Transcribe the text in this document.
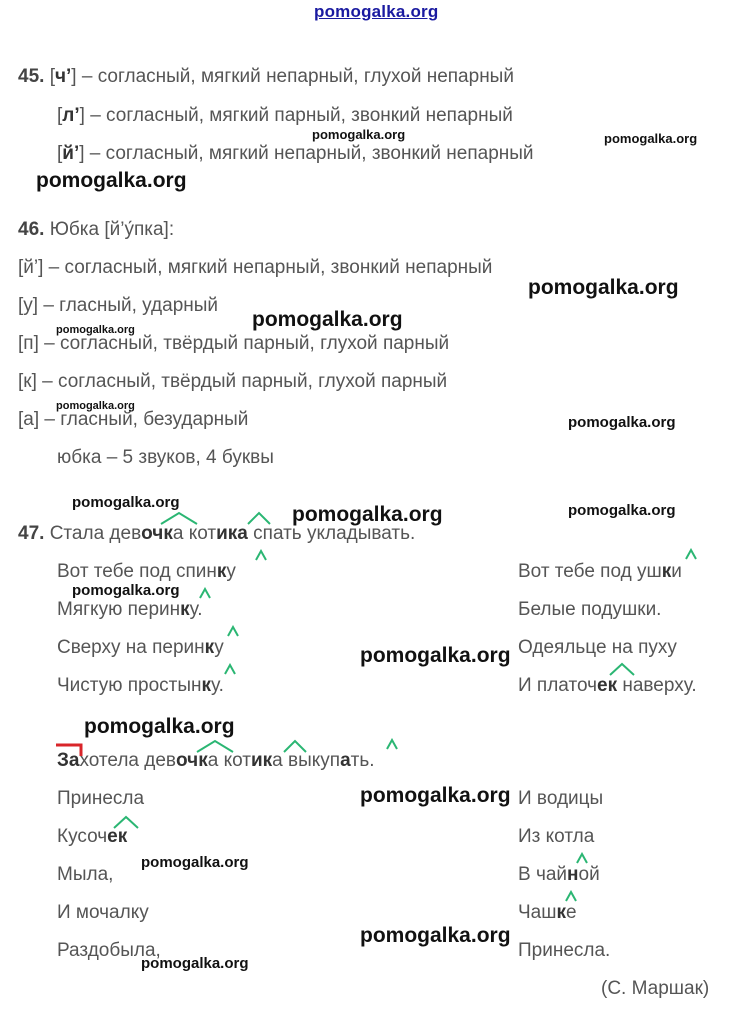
pomogalka.org
45. [ч’] – согласный, мягкий непарный, глухой непарный
[л’] – согласный, мягкий парный, звонкий непарный
[й’] – согласный, мягкий непарный, звонкий непарный
46. Юбка [й’у́пка]:
[й’] – согласный, мягкий непарный, звонкий непарный
[у] – гласный, ударный
[п] – согласный, твёрдый парный, глухой парный
[к] – согласный, твёрдый парный, глухой парный
[а] – гласный, безударный
юбка – 5 звуков, 4 буквы
47. Стала девочка котика спать укладывать.
Вот тебе под спинку
Мягкую перинку.
Сверху на перинку
Чистую простынку.
Вот тебе под ушки
Белые подушки.
Одеяльце на пуху
И платочек наверху.
Захотела девочка котика выкупать.
Принесла
Кусочек
Мыла,
И мочалку
Раздобыла,
И водицы
Из котла
В чайной
Чашке
Принесла.
(С. Маршак)
pomogalka.org	pomogalka.org
pomogalka.org
pomogalka.org
pomogalka.org
pomogalka.org
pomogalka.org
pomogalka.org
pomogalka.org	pomogalka.org
pomogalka.org
pomogalka.org
pomogalka.org
pomogalka.org
pomogalka.org
pomogalka.org
pomogalka.org
pomogalka.org
